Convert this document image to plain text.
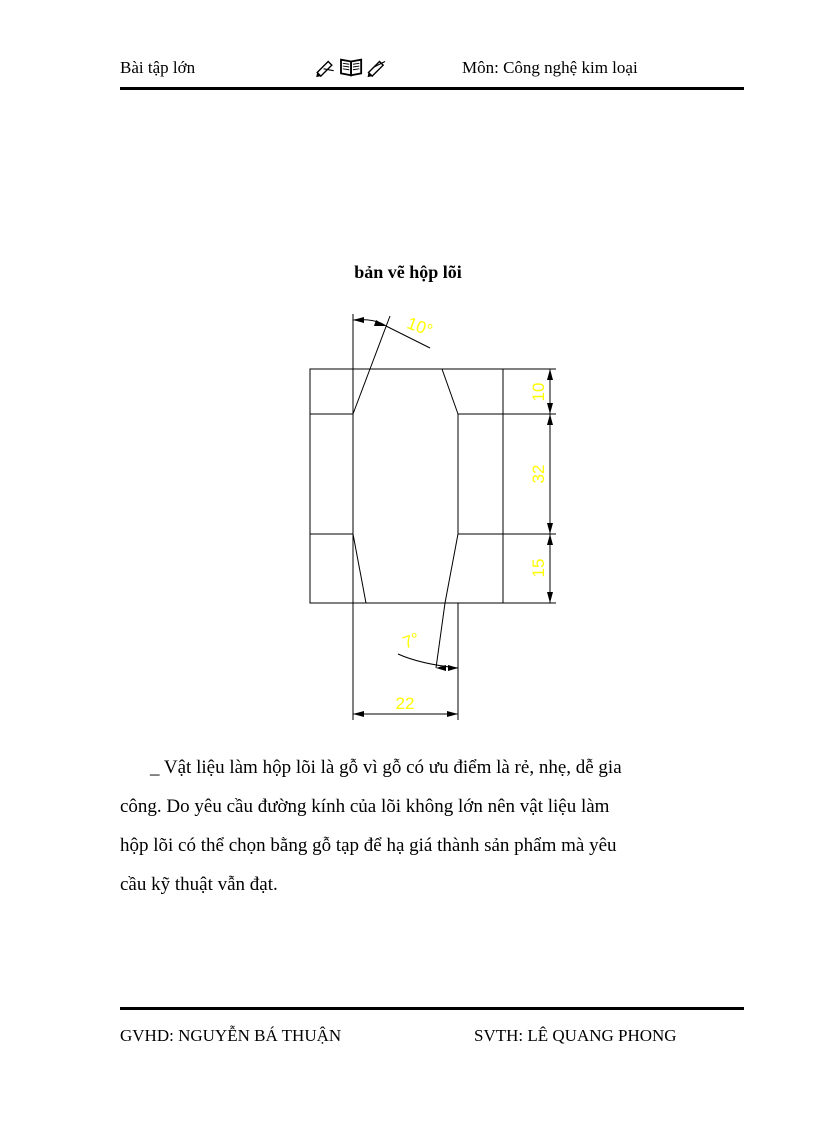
Bài tập lớn	Môn: Công nghệ kim loại
bản vẽ hộp lõi
10
32
15
22
10°
7°
_ Vật liệu làm hộp lõi là gỗ vì gỗ có ưu điểm là rẻ, nhẹ, dễ gia
công. Do yêu cầu đường kính của lõi không lớn nên vật liệu làm
hộp lõi có thể chọn bằng gỗ tạp để hạ giá thành sản phẩm mà yêu
cầu kỹ thuật vẫn đạt.
GVHD: NGUYỄN BÁ THUẬN	SVTH: LÊ QUANG PHONG
